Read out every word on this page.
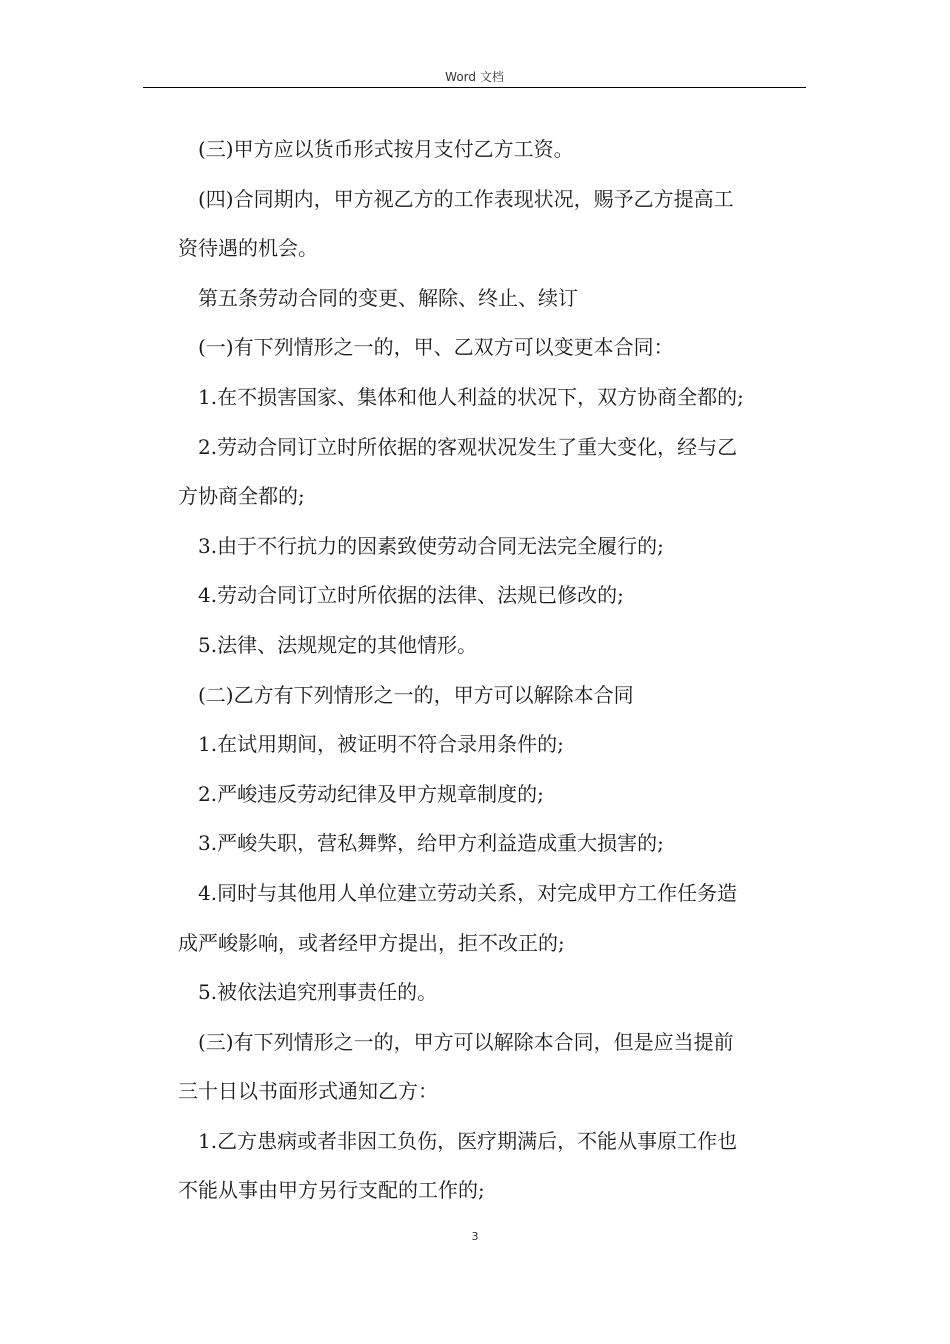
Word 文档

　(三)甲方应以货币形式按月支付乙方工资。

　(四)合同期内，甲方视乙方的工作表现状况，赐予乙方提高工

资待遇的机会。

　第五条劳动合同的变更、解除、终止、续订

　(一)有下列情形之一的，甲、乙双方可以变更本合同：

　1.在不损害国家、集体和他人利益的状况下，双方协商全都的;

　2.劳动合同订立时所依据的客观状况发生了重大变化，经与乙

方协商全都的;

　3.由于不行抗力的因素致使劳动合同无法完全履行的;

　4.劳动合同订立时所依据的法律、法规已修改的;

　5.法律、法规规定的其他情形。

　(二)乙方有下列情形之一的，甲方可以解除本合同

　1.在试用期间，被证明不符合录用条件的;

　2.严峻违反劳动纪律及甲方规章制度的;

　3.严峻失职，营私舞弊，给甲方利益造成重大损害的;

　4.同时与其他用人单位建立劳动关系，对完成甲方工作任务造

成严峻影响，或者经甲方提出，拒不改正的;

　5.被依法追究刑事责任的。

　(三)有下列情形之一的，甲方可以解除本合同，但是应当提前

三十日以书面形式通知乙方：

　1.乙方患病或者非因工负伤，医疗期满后，不能从事原工作也

不能从事由甲方另行支配的工作的;

3
